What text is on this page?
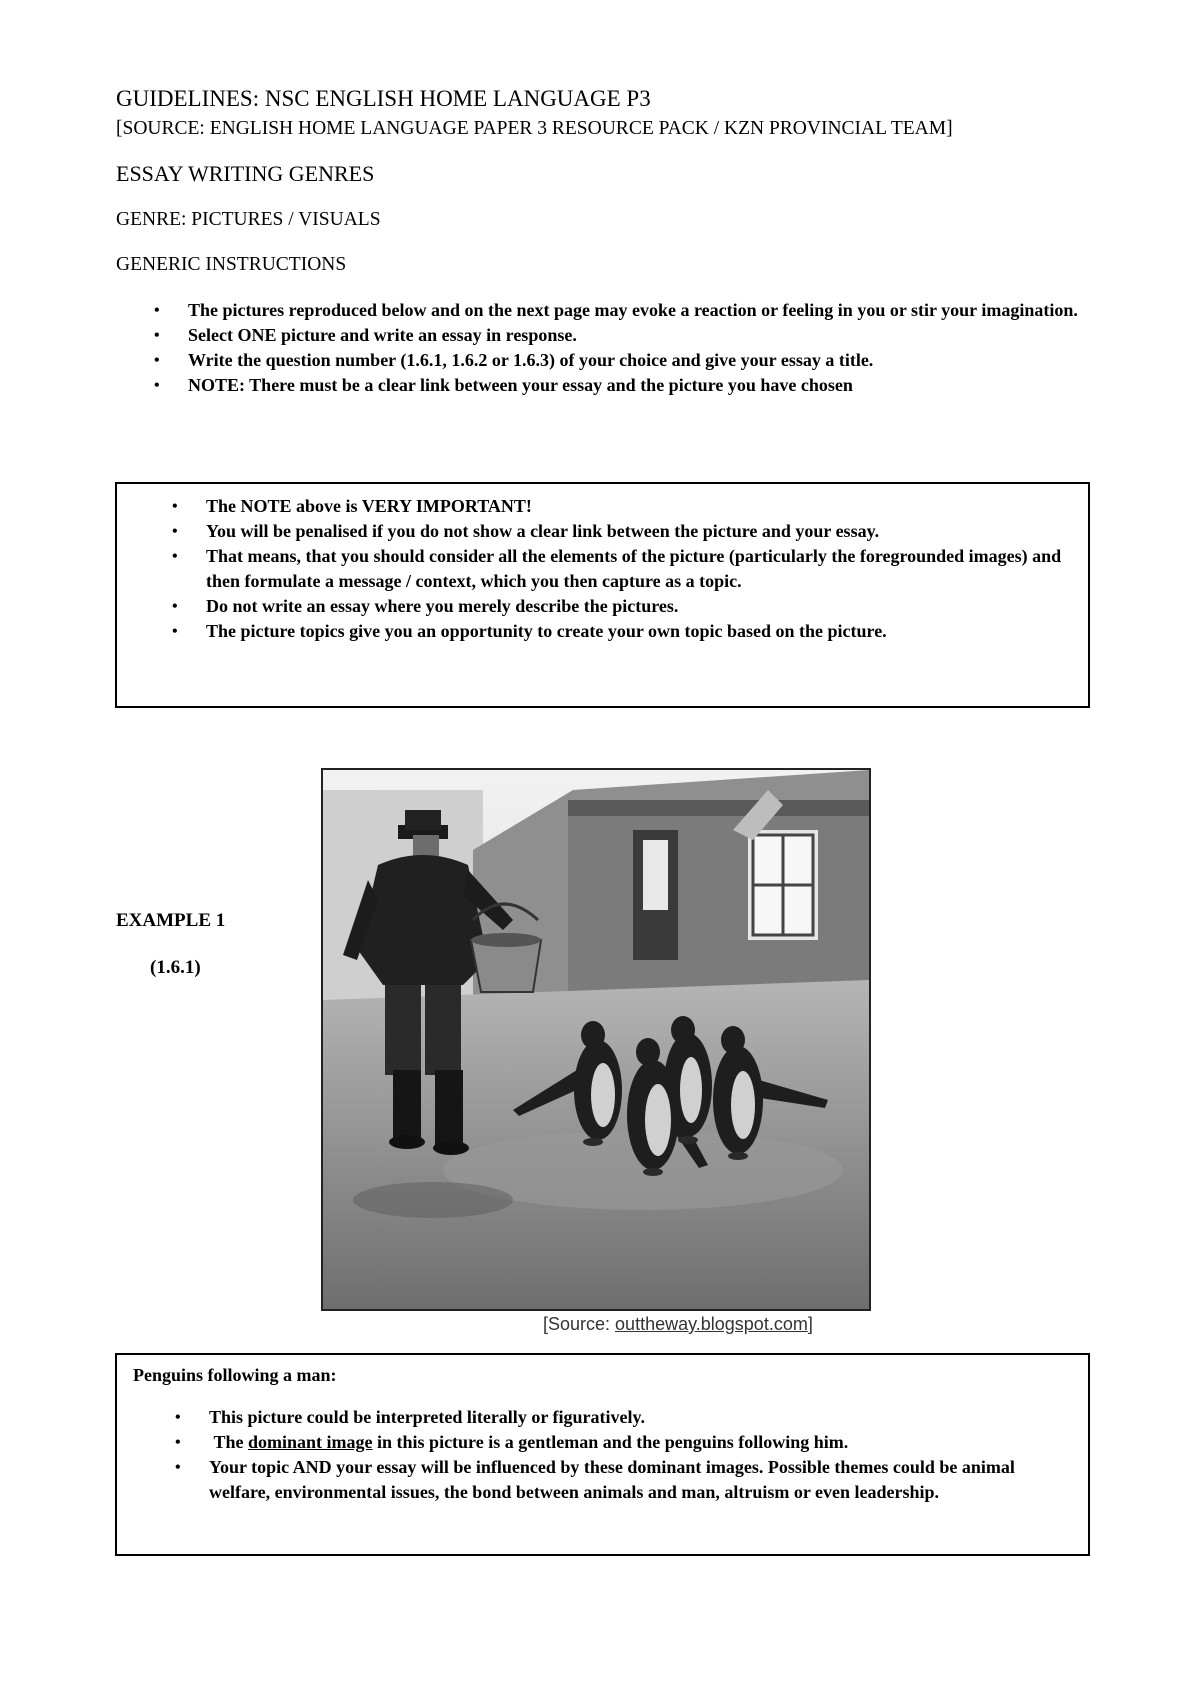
GUIDELINES: NSC ENGLISH HOME LANGUAGE P3
[SOURCE: ENGLISH HOME LANGUAGE PAPER 3 RESOURCE PACK / KZN PROVINCIAL TEAM]
ESSAY WRITING GENRES
GENRE: PICTURES / VISUALS
GENERIC INSTRUCTIONS
• The pictures reproduced below and on the next page may evoke a reaction or feeling in you or stir your imagination.
• Select ONE picture and write an essay in response.
• Write the question number (1.6.1, 1.6.2 or 1.6.3) of your choice and give your essay a title.
• NOTE: There must be a clear link between your essay and the picture you have chosen
• The NOTE above is VERY IMPORTANT!
• You will be penalised if you do not show a clear link between the picture and your essay.
• That means, that you should consider all the elements of the picture (particularly the foregrounded images) and then formulate a message / context, which you then capture as a topic.
• Do not write an essay where you merely describe the pictures.
• The picture topics give you an opportunity to create your own topic based on the picture.
EXAMPLE 1
(1.6.1)
[Source: outtheway.blogspot.com]
Penguins following a man:
• This picture could be interpreted literally or figuratively.
• The dominant image in this picture is a gentleman and the penguins following him.
• Your topic AND your essay will be influenced by these dominant images. Possible themes could be animal welfare, environmental issues, the bond between animals and man, altruism or even leadership.
